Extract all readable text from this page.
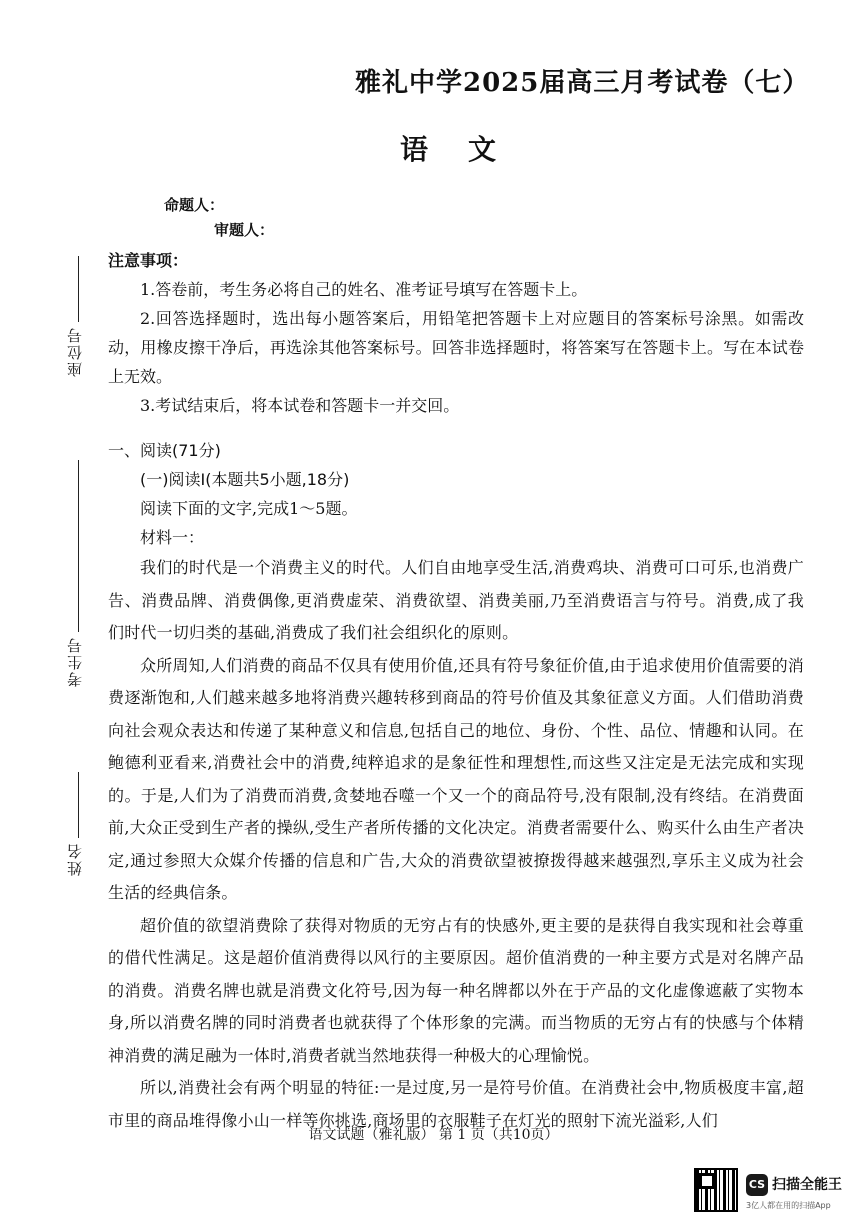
雅礼中学2025届高三月考试卷（七）
语文
命题人：
审题人：
座位号
考生号
姓名

注意事项：

1.答卷前，考生务必将自己的姓名、准考证号填写在答题卡上。

2.回答选择题时，选出每小题答案后，用铅笔把答题卡上对应题目的答案标号涂黑。如需改动，用橡皮擦干净后，再选涂其他答案标号。回答非选择题时，将答案写在答题卡上。写在本试卷上无效。

3.考试结束后，将本试卷和答题卡一并交回。

一、阅读(71分)

(一)阅读Ⅰ(本题共5小题,18分)

阅读下面的文字,完成1～5题。

材料一：

我们的时代是一个消费主义的时代。人们自由地享受生活,消费鸡块、消费可口可乐,也消费广告、消费品牌、消费偶像,更消费虚荣、消费欲望、消费美丽,乃至消费语言与符号。消费,成了我们时代一切归类的基础,消费成了我们社会组织化的原则。

众所周知,人们消费的商品不仅具有使用价值,还具有符号象征价值,由于追求使用价值需要的消费逐渐饱和,人们越来越多地将消费兴趣转移到商品的符号价值及其象征意义方面。人们借助消费向社会观众表达和传递了某种意义和信息,包括自己的地位、身份、个性、品位、情趣和认同。在鲍德利亚看来,消费社会中的消费,纯粹追求的是象征性和理想性,而这些又注定是无法完成和实现的。于是,人们为了消费而消费,贪婪地吞噬一个又一个的商品符号,没有限制,没有终结。在消费面前,大众正受到生产者的操纵,受生产者所传播的文化决定。消费者需要什么、购买什么由生产者决定,通过参照大众媒介传播的信息和广告,大众的消费欲望被撩拨得越来越强烈,享乐主义成为社会生活的经典信条。

超价值的欲望消费除了获得对物质的无穷占有的快感外,更主要的是获得自我实现和社会尊重的借代性满足。这是超价值消费得以风行的主要原因。超价值消费的一种主要方式是对名牌产品的消费。消费名牌也就是消费文化符号,因为每一种名牌都以外在于产品的文化虚像遮蔽了实物本身,所以消费名牌的同时消费者也就获得了个体形象的完满。而当物质的无穷占有的快感与个体精神消费的满足融为一体时,消费者就当然地获得一种极大的心理愉悦。

所以,消费社会有两个明显的特征:一是过度,另一是符号价值。在消费社会中,物质极度丰富,超市里的商品堆得像小山一样等你挑选,商场里的衣服鞋子在灯光的照射下流光溢彩,人们

语文试题（雅礼版） 第 1 页（共10页）
CS 扫描全能王
3亿人都在用的扫描App
